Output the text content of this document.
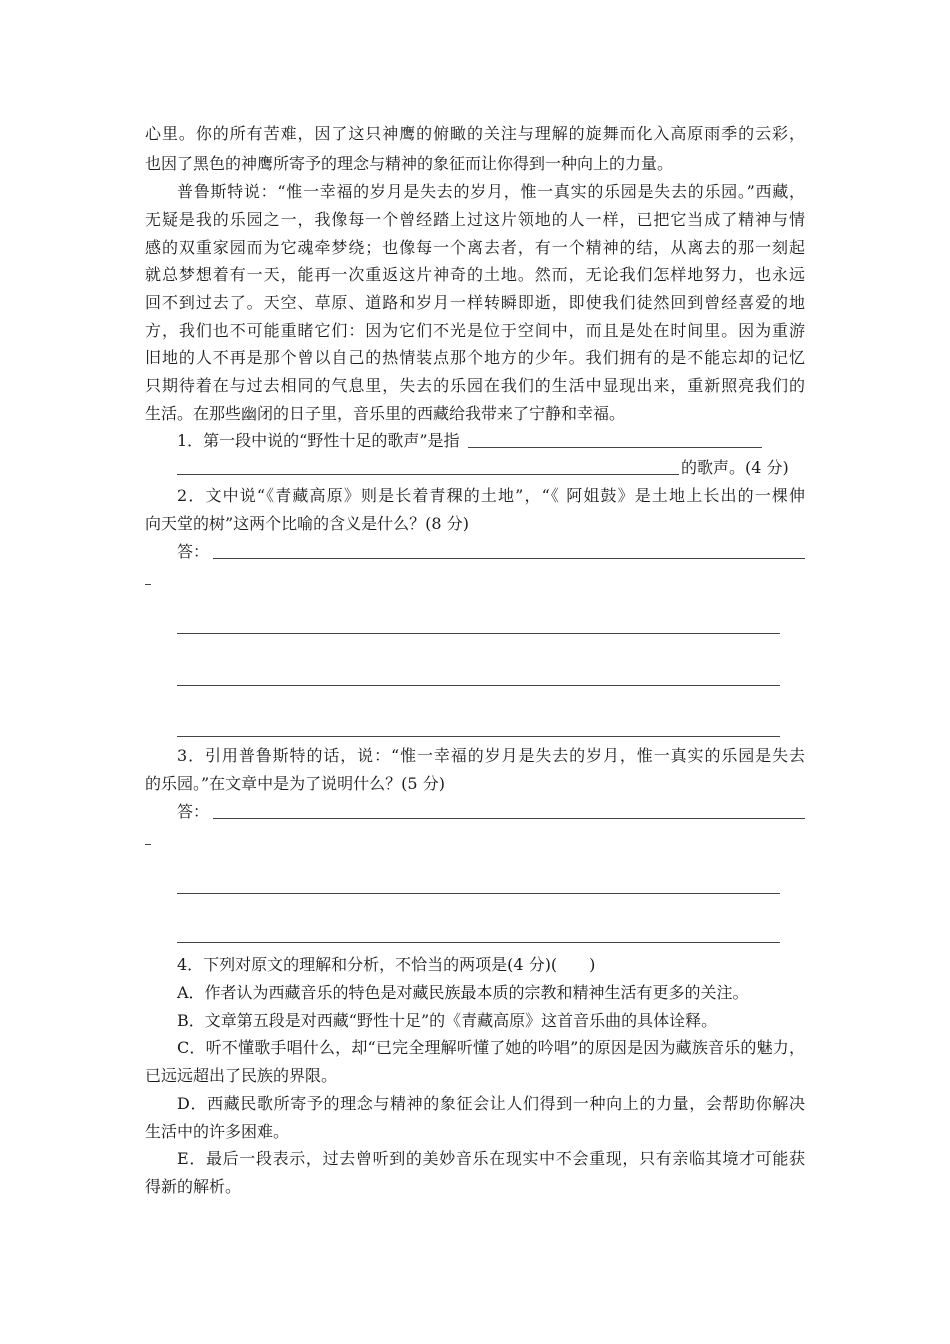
心里。你的所有苦难，因了这只神鹰的俯瞰的关注与理解的旋舞而化入高原雨季的云彩，
也因了黑色的神鹰所寄予的理念与精神的象征而让你得到一种向上的力量。
普鲁斯特说：“惟一幸福的岁月是失去的岁月，惟一真实的乐园是失去的乐园。”西藏，
无疑是我的乐园之一，我像每一个曾经踏上过这片领地的人一样，已把它当成了精神与情
感的双重家园而为它魂牵梦绕；也像每一个离去者，有一个精神的结，从离去的那一刻起
就总梦想着有一天，能再一次重返这片神奇的土地。然而，无论我们怎样地努力，也永远
回不到过去了。天空、草原、道路和岁月一样转瞬即逝，即使我们徒然回到曾经喜爱的地
方，我们也不可能重睹它们：因为它们不光是位于空间中，而且是处在时间里。因为重游
旧地的人不再是那个曾以自己的热情装点那个地方的少年。我们拥有的是不能忘却的记忆
只期待着在与过去相同的气息里，失去的乐园在我们的生活中显现出来，重新照亮我们的
生活。在那些幽闭的日子里，音乐里的西藏给我带来了宁静和幸福。
1．第一段中说的“野性十足的歌声”是指
的歌声。(4 分)
2．文中说“《青藏高原》则是长着青稞的土地”，“《 阿姐鼓》是土地上长出的一棵伸
向天堂的树”这两个比喻的含义是什么？(8 分)
答：
3．引用普鲁斯特的话，说：“惟一幸福的岁月是失去的岁月，惟一真实的乐园是失去
的乐园。”在文章中是为了说明什么？(5 分)
答：
4．下列对原文的理解和分析，不恰当的两项是(4 分)(　　)
A．作者认为西藏音乐的特色是对藏民族最本质的宗教和精神生活有更多的关注。
B．文章第五段是对西藏“野性十足”的《青藏高原》这首音乐曲的具体诠释。
C．听不懂歌手唱什么，却“已完全理解听懂了她的吟唱”的原因是因为藏族音乐的魅力，
已远远超出了民族的界限。
D．西藏民歌所寄予的理念与精神的象征会让人们得到一种向上的力量，会帮助你解决
生活中的许多困难。
E．最后一段表示，过去曾听到的美妙音乐在现实中不会重现，只有亲临其境才可能获
得新的解析。
